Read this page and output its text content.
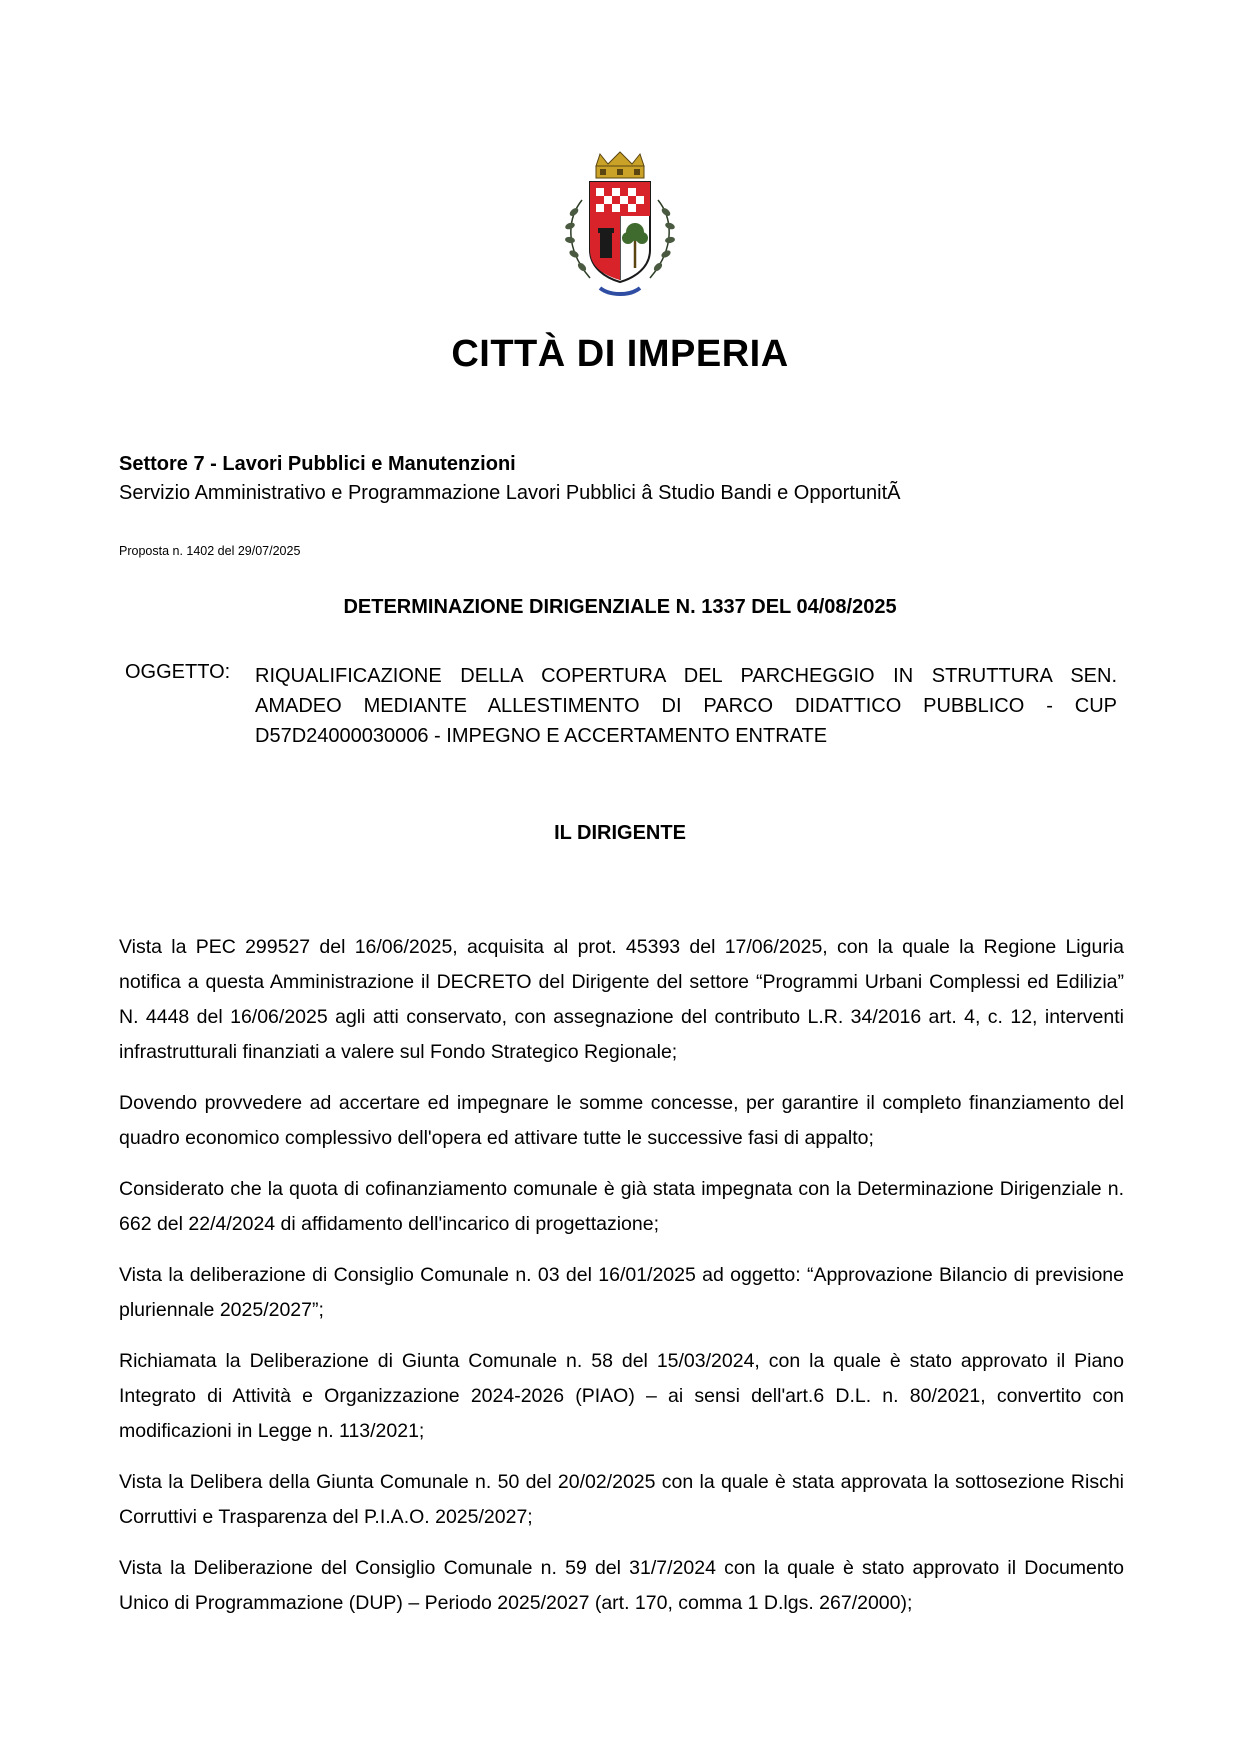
CITTÀ DI IMPERIA
Settore 7 - Lavori Pubblici e Manutenzioni
Servizio Amministrativo e Programmazione Lavori Pubblici â Studio Bandi e OpportunitÃ
Proposta n. 1402 del 29/07/2025
DETERMINAZIONE DIRIGENZIALE N. 1337 DEL 04/08/2025
OGGETTO: RIQUALIFICAZIONE DELLA COPERTURA DEL PARCHEGGIO IN STRUTTURA SEN. AMADEO MEDIANTE ALLESTIMENTO DI PARCO DIDATTICO PUBBLICO - CUP D57D24000030006 - IMPEGNO E ACCERTAMENTO ENTRATE
IL DIRIGENTE

Vista la PEC 299527 del 16/06/2025, acquisita al prot. 45393 del 17/06/2025, con la quale la Regione Liguria notifica a questa Amministrazione il DECRETO del Dirigente del settore “Programmi Urbani Complessi ed Edilizia” N. 4448 del 16/06/2025 agli atti conservato, con assegnazione del contributo L.R. 34/2016 art. 4, c. 12, interventi infrastrutturali finanziati a valere sul Fondo Strategico Regionale;

Dovendo provvedere ad accertare ed impegnare le somme concesse, per garantire il completo finanziamento del quadro economico complessivo dell'opera ed attivare tutte le successive fasi di appalto;

Considerato che la quota di cofinanziamento comunale è già stata impegnata con la Determinazione Dirigenziale n. 662 del 22/4/2024 di affidamento dell'incarico di progettazione;

Vista la deliberazione di Consiglio Comunale n. 03 del 16/01/2025 ad oggetto: “Approvazione Bilancio di previsione pluriennale 2025/2027”;

Richiamata la Deliberazione di Giunta Comunale n. 58 del 15/03/2024, con la quale è stato approvato il Piano Integrato di Attività e Organizzazione 2024-2026 (PIAO) – ai sensi dell'art.6 D.L. n. 80/2021, convertito con modificazioni in Legge n. 113/2021;

Vista la Delibera della Giunta Comunale n. 50 del 20/02/2025 con la quale è stata approvata la sottosezione Rischi Corruttivi e Trasparenza del P.I.A.O. 2025/2027;

Vista la Deliberazione del Consiglio Comunale n. 59 del 31/7/2024 con la quale è stato approvato il Documento Unico di Programmazione (DUP) – Periodo 2025/2027 (art. 170, comma 1 D.lgs. 267/2000);
